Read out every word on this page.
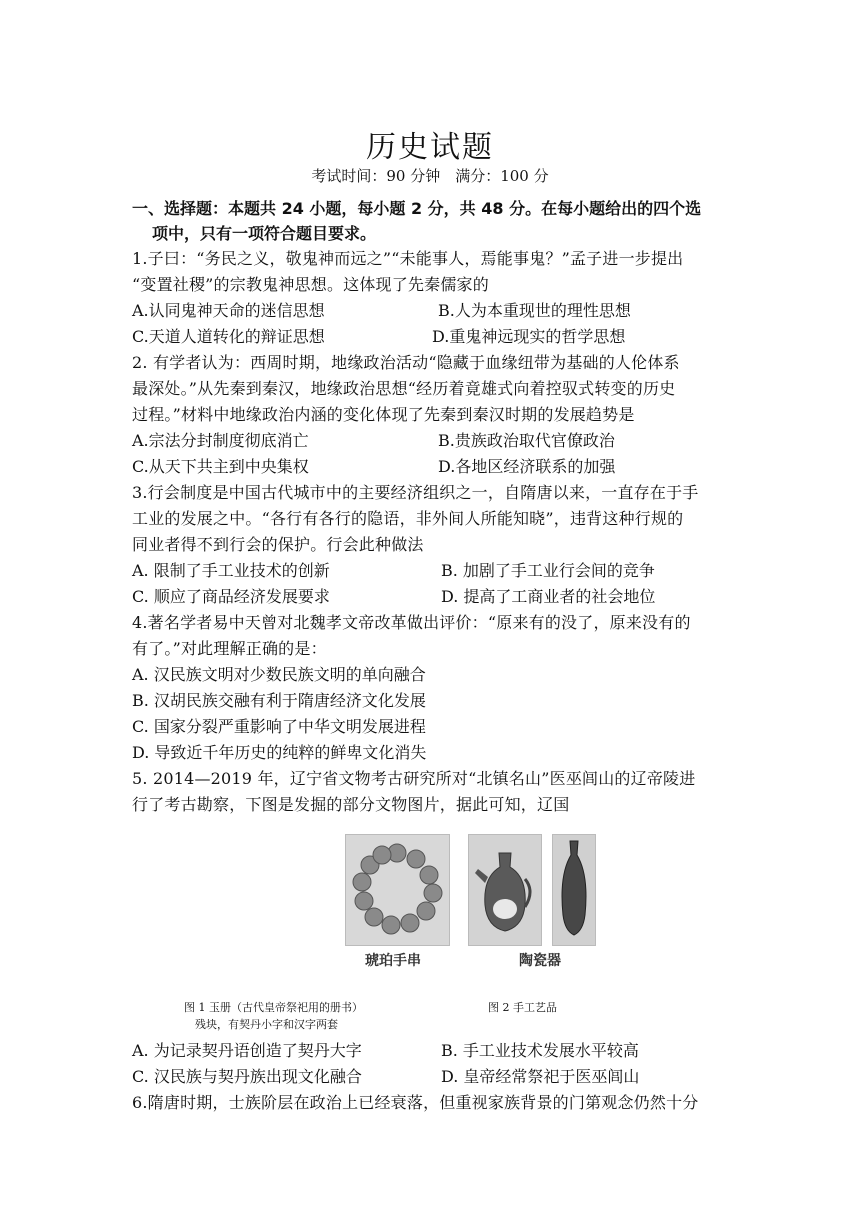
历史试题
考试时间：90 分钟　满分：100 分
一、选择题：本题共 24 小题，每小题 2 分，共 48 分。在每小题给出的四个选
项中，只有一项符合题目要求。
1.子曰：“务民之义，敬鬼神而远之”“未能事人，焉能事鬼？”孟子进一步提出
“变置社稷”的宗教鬼神思想。这体现了先秦儒家的
A.认同鬼神天命的迷信思想	B.人为本重现世的理性思想
C.天道人道转化的辩证思想	D.重鬼神远现实的哲学思想
2. 有学者认为：西周时期，地缘政治活动“隐藏于血缘纽带为基础的人伦体系
最深处。”从先秦到秦汉，地缘政治思想“经历着竟雄式向着控驭式转变的历史
过程。”材料中地缘政治内涵的变化体现了先秦到秦汉时期的发展趋势是
A.宗法分封制度彻底消亡	B.贵族政治取代官僚政治
C.从天下共主到中央集权	D.各地区经济联系的加强
3.行会制度是中国古代城市中的主要经济组织之一，自隋唐以来，一直存在于手
工业的发展之中。“各行有各行的隐语，非外间人所能知晓”，违背这种行规的
同业者得不到行会的保护。行会此种做法
A. 限制了手工业技术的创新	B. 加剧了手工业行会间的竞争
C. 顺应了商品经济发展要求	D. 提高了工商业者的社会地位
4.著名学者易中天曾对北魏孝文帝改革做出评价：“原来有的没了，原来没有的
有了。”对此理解正确的是：
A. 汉民族文明对少数民族文明的单向融合
B. 汉胡民族交融有利于隋唐经济文化发展
C. 国家分裂严重影响了中华文明发展进程
D. 导致近千年历史的纯粹的鲜卑文化消失
5. 2014—2019 年，辽宁省文物考古研究所对“北镇名山”医巫闾山的辽帝陵进
行了考古勘察，下图是发掘的部分文物图片，据此可知，辽国
琥珀手串	陶瓷器
图 1 玉册（古代皇帝祭祀用的册书）
残块，有契丹小字和汉字两套
图 2 手工艺品
A. 为记录契丹语创造了契丹大字	B. 手工业技术发展水平较高
C. 汉民族与契丹族出现文化融合	D. 皇帝经常祭祀于医巫闾山
6.隋唐时期，士族阶层在政治上已经衰落，但重视家族背景的门第观念仍然十分
